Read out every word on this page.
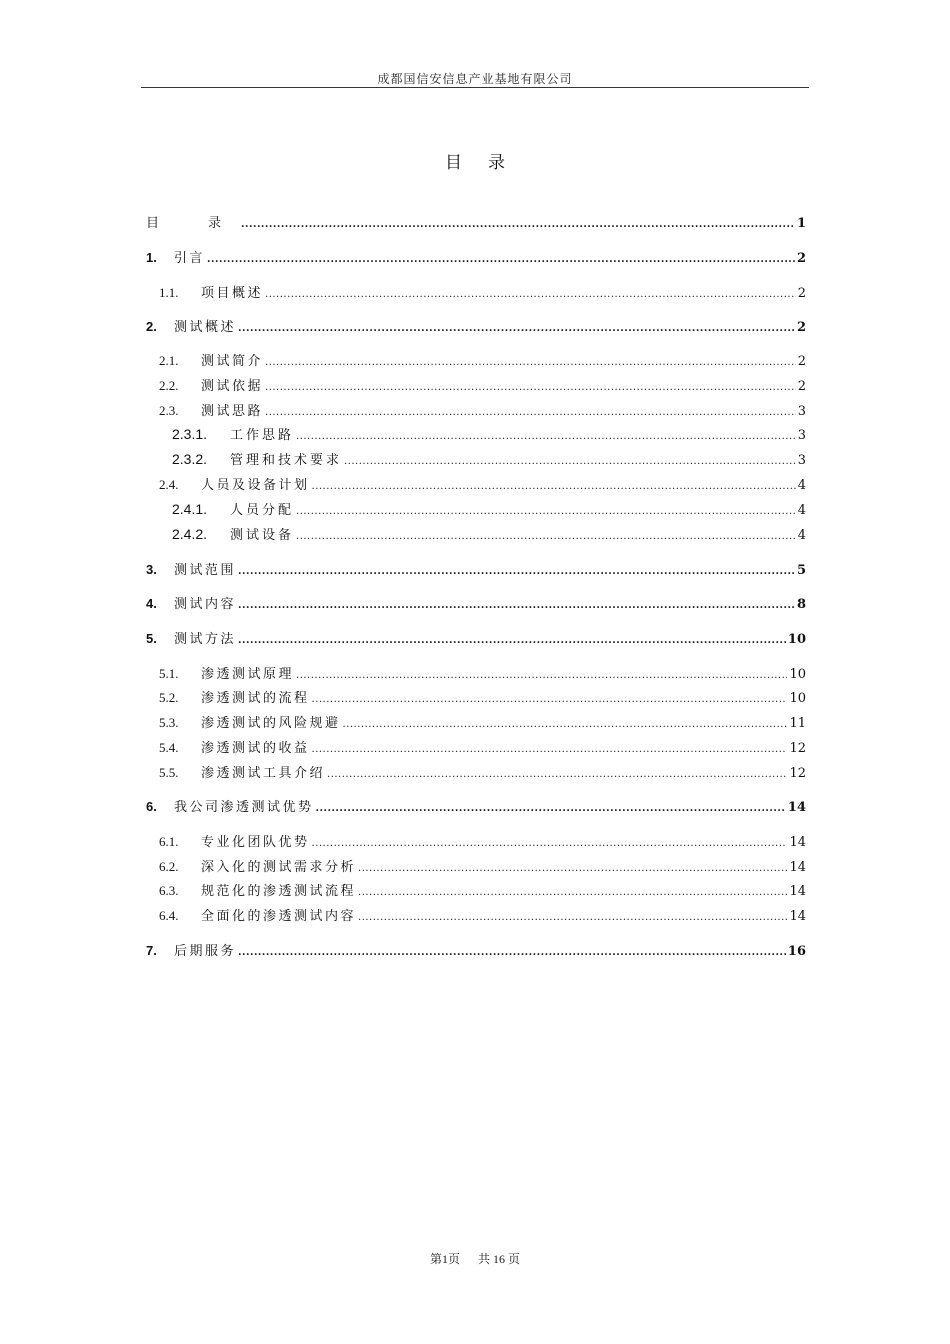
成都国信安信息产业基地有限公司
目 录
目　录 .....	1
1.	引言 .....	2
1.1.	项目概述 .....	2
2.	测试概述 .....	2
2.1.	测试简介 .....	2
2.2.	测试依据 .....	2
2.3.	测试思路 .....	3
2.3.1.	工作思路 .....	3
2.3.2.	管理和技术要求 .....	3
2.4.	人员及设备计划 .....	4
2.4.1.	人员分配 .....	4
2.4.2.	测试设备 .....	4
3.	测试范围 .....	5
4.	测试内容 .....	8
5.	测试方法 .....	10
5.1.	渗透测试原理 .....	10
5.2.	渗透测试的流程 .....	10
5.3.	渗透测试的风险规避 .....	11
5.4.	渗透测试的收益 .....	12
5.5.	渗透测试工具介绍 .....	12
6.	我公司渗透测试优势 .....	14
6.1.	专业化团队优势 .....	14
6.2.	深入化的测试需求分析 .....	14
6.3.	规范化的渗透测试流程 .....	14
6.4.	全面化的渗透测试内容 .....	14
7.	后期服务 .....	16
第1页 共 16 页
